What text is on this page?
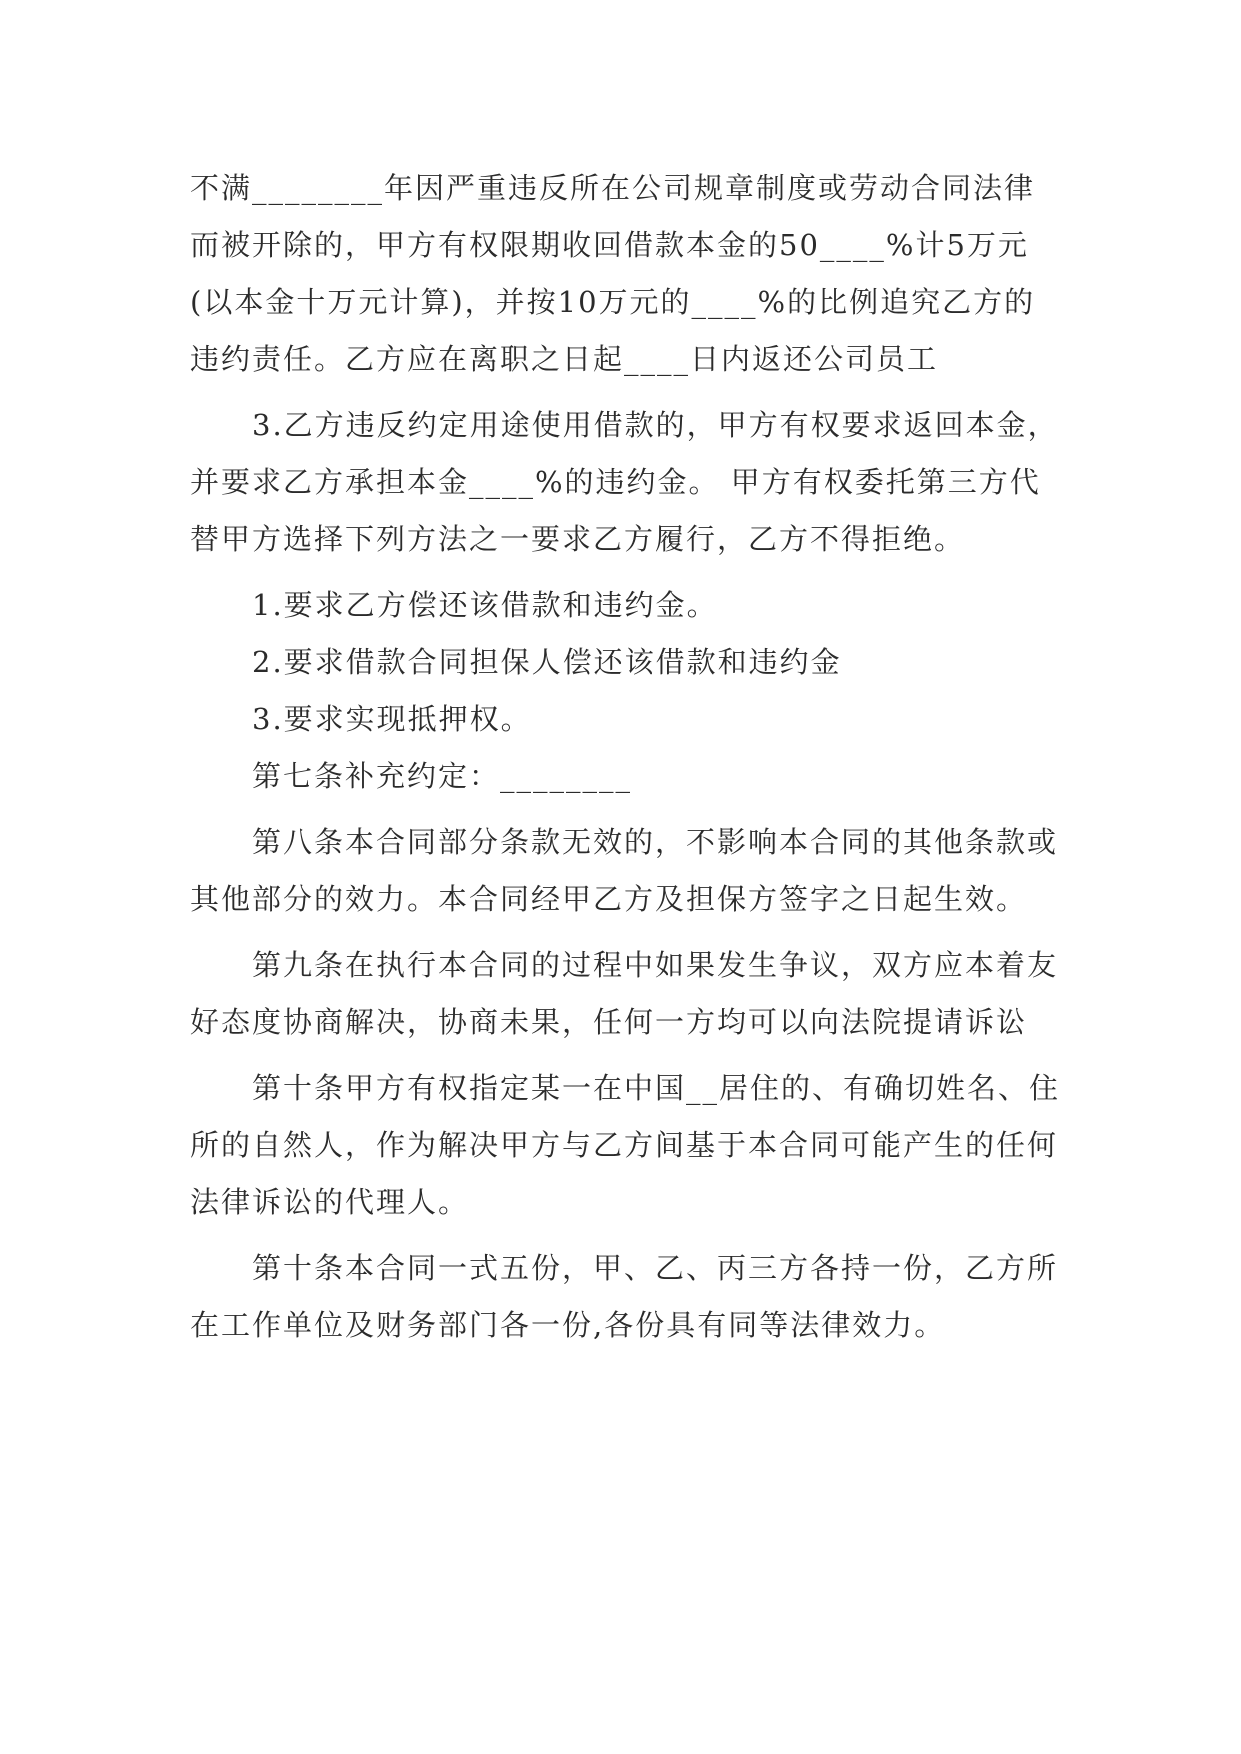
不满________年因严重违反所在公司规章制度或劳动合同法律而被开除的，甲方有权限期收回借款本金的50____%计5万元(以本金十万元计算)，并按10万元的____%的比例追究乙方的违约责任。乙方应在离职之日起____日内返还公司员工

3.乙方违反约定用途使用借款的，甲方有权要求返回本金，并要求乙方承担本金____%的违约金。 甲方有权委托第三方代替甲方选择下列方法之一要求乙方履行，乙方不得拒绝。

1.要求乙方偿还该借款和违约金。

2.要求借款合同担保人偿还该借款和违约金

3.要求实现抵押权。

第七条补充约定：________

第八条本合同部分条款无效的，不影响本合同的其他条款或其他部分的效力。本合同经甲乙方及担保方签字之日起生效。

第九条在执行本合同的过程中如果发生争议，双方应本着友好态度协商解决，协商未果，任何一方均可以向法院提请诉讼

第十条甲方有权指定某一在中国__居住的、有确切姓名、住所的自然人，作为解决甲方与乙方间基于本合同可能产生的任何法律诉讼的代理人。

第十条本合同一式五份，甲、乙、丙三方各持一份，乙方所在工作单位及财务部门各一份,各份具有同等法律效力。
